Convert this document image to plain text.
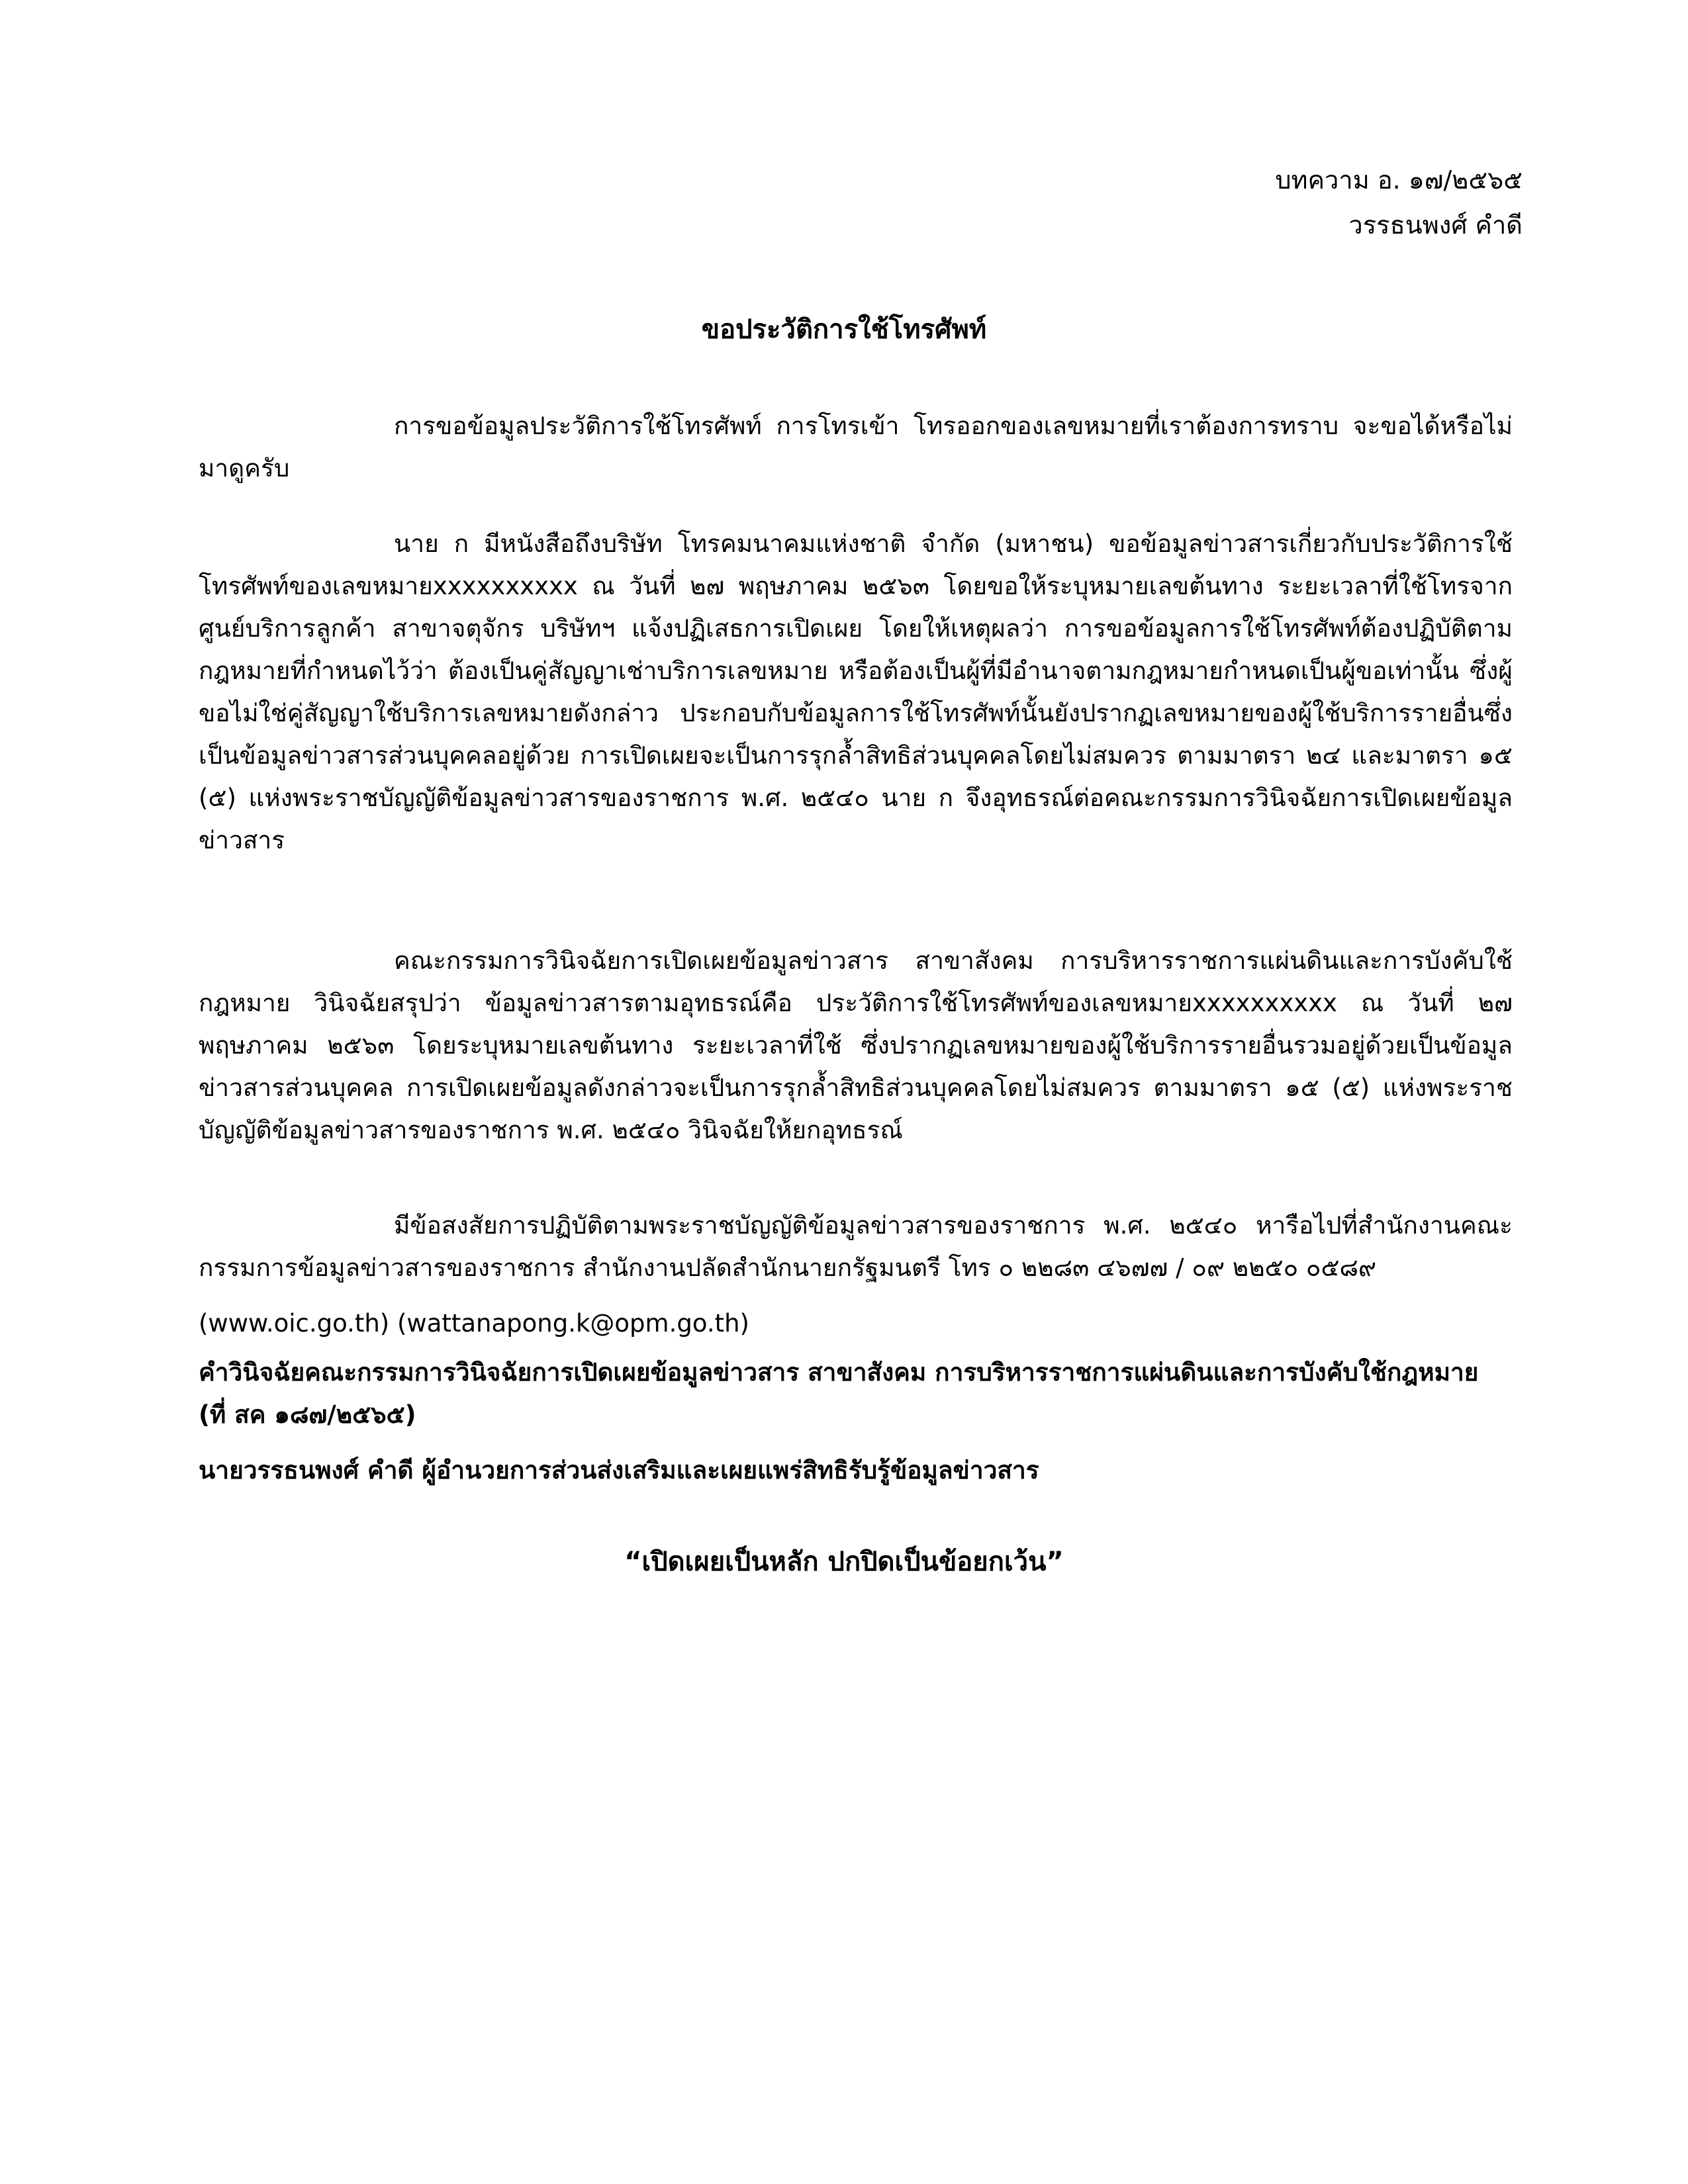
บทความ อ. ๑๗/๒๕๖๕
วรรธนพงศ์ คำดี
ขอประวัติการใช้โทรศัพท์

การขอข้อมูลประวัติการใช้โทรศัพท์ การโทรเข้า โทรออกของเลขหมายที่เราต้องการทราบ จะขอได้หรือไม่ มาดูครับ

นาย ก มีหนังสือถึงบริษัท โทรคมนาคมแห่งชาติ จำกัด (มหาชน) ขอข้อมูลข่าวสารเกี่ยวกับประวัติการใช้โทรศัพท์ของเลขหมายxxxxxxxxxx ณ วันที่ ๒๗ พฤษภาคม ๒๕๖๓ โดยขอให้ระบุหมายเลขต้นทาง ระยะเวลาที่ใช้โทรจากศูนย์บริการลูกค้า สาขาจตุจักร บริษัทฯ แจ้งปฏิเสธการเปิดเผย โดยให้เหตุผลว่า การขอข้อมูลการใช้โทรศัพท์ต้องปฏิบัติตามกฎหมายที่กำหนดไว้ว่า ต้องเป็นคู่สัญญาเช่าบริการเลขหมาย หรือต้องเป็นผู้ที่มีอำนาจตามกฎหมายกำหนดเป็นผู้ขอเท่านั้น ซึ่งผู้ขอไม่ใช่คู่สัญญาใช้บริการเลขหมายดังกล่าว ประกอบกับข้อมูลการใช้โทรศัพท์นั้นยังปรากฏเลขหมายของผู้ใช้บริการรายอื่นซึ่งเป็นข้อมูลข่าวสารส่วนบุคคลอยู่ด้วย การเปิดเผยจะเป็นการรุกล้ำสิทธิส่วนบุคคลโดยไม่สมควร ตามมาตรา ๒๔ และมาตรา ๑๕ (๕) แห่งพระราชบัญญัติข้อมูลข่าวสารของราชการ พ.ศ. ๒๕๔๐ นาย ก จึงอุทธรณ์ต่อคณะกรรมการวินิจฉัยการเปิดเผยข้อมูลข่าวสาร

คณะกรรมการวินิจฉัยการเปิดเผยข้อมูลข่าวสาร สาขาสังคม การบริหารราชการแผ่นดินและการบังคับใช้กฎหมาย วินิจฉัยสรุปว่า ข้อมูลข่าวสารตามอุทธรณ์คือ ประวัติการใช้โทรศัพท์ของเลขหมายxxxxxxxxxx ณ วันที่ ๒๗ พฤษภาคม ๒๕๖๓ โดยระบุหมายเลขต้นทาง ระยะเวลาที่ใช้ ซึ่งปรากฏเลขหมายของผู้ใช้บริการรายอื่นรวมอยู่ด้วยเป็นข้อมูลข่าวสารส่วนบุคคล การเปิดเผยข้อมูลดังกล่าวจะเป็นการรุกล้ำสิทธิส่วนบุคคลโดยไม่สมควร ตามมาตรา ๑๕ (๕) แห่งพระราชบัญญัติข้อมูลข่าวสารของราชการ พ.ศ. ๒๕๔๐ วินิจฉัยให้ยกอุทธรณ์

มีข้อสงสัยการปฏิบัติตามพระราชบัญญัติข้อมูลข่าวสารของราชการ พ.ศ. ๒๕๔๐ หารือไปที่สำนักงานคณะกรรมการข้อมูลข่าวสารของราชการ สำนักงานปลัดสำนักนายกรัฐมนตรี โทร ๐ ๒๒๘๓ ๔๖๗๗ / ๐๙ ๒๒๕๐ ๐๕๘๙

(www.oic.go.th) (wattanapong.k@opm.go.th)
คำวินิจฉัยคณะกรรมการวินิจฉัยการเปิดเผยข้อมูลข่าวสาร สาขาสังคม การบริหารราชการแผ่นดินและการบังคับใช้กฎหมาย (ที่ สค ๑๘๗/๒๕๖๕)
นายวรรธนพงศ์ คำดี ผู้อำนวยการส่วนส่งเสริมและเผยแพร่สิทธิรับรู้ข้อมูลข่าวสาร
“เปิดเผยเป็นหลัก ปกปิดเป็นข้อยกเว้น”
